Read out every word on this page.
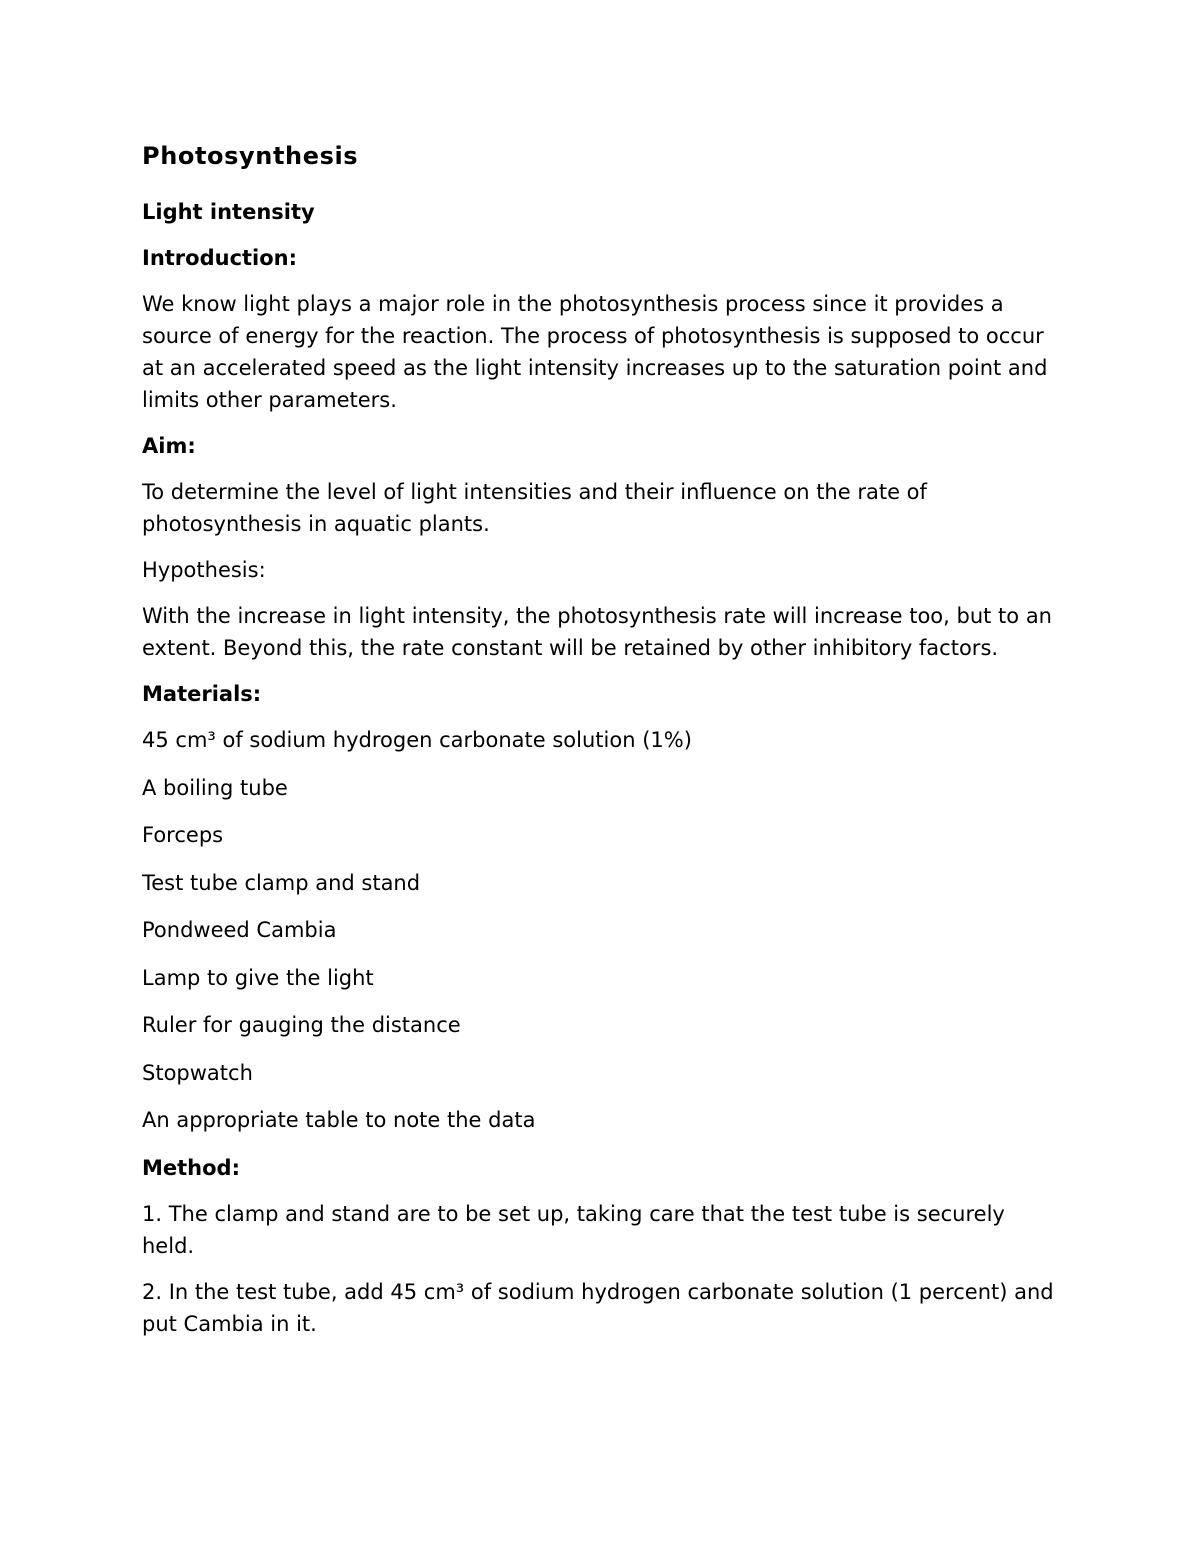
Photosynthesis
Light intensity
Introduction:
We know light plays a major role in the photosynthesis process since it provides a source of energy for the reaction. The process of photosynthesis is supposed to occur at an accelerated speed as the light intensity increases up to the saturation point and limits other parameters.
Aim:
To determine the level of light intensities and their influence on the rate of photosynthesis in aquatic plants.
Hypothesis:
With the increase in light intensity, the photosynthesis rate will increase too, but to an extent. Beyond this, the rate constant will be retained by other inhibitory factors.
Materials:
45 cm³ of sodium hydrogen carbonate solution (1%)
A boiling tube
Forceps
Test tube clamp and stand
Pondweed Cambia
Lamp to give the light
Ruler for gauging the distance
Stopwatch
An appropriate table to note the data
Method:
1. The clamp and stand are to be set up, taking care that the test tube is securely held.
2. In the test tube, add 45 cm³ of sodium hydrogen carbonate solution (1 percent) and put Cambia in it.
